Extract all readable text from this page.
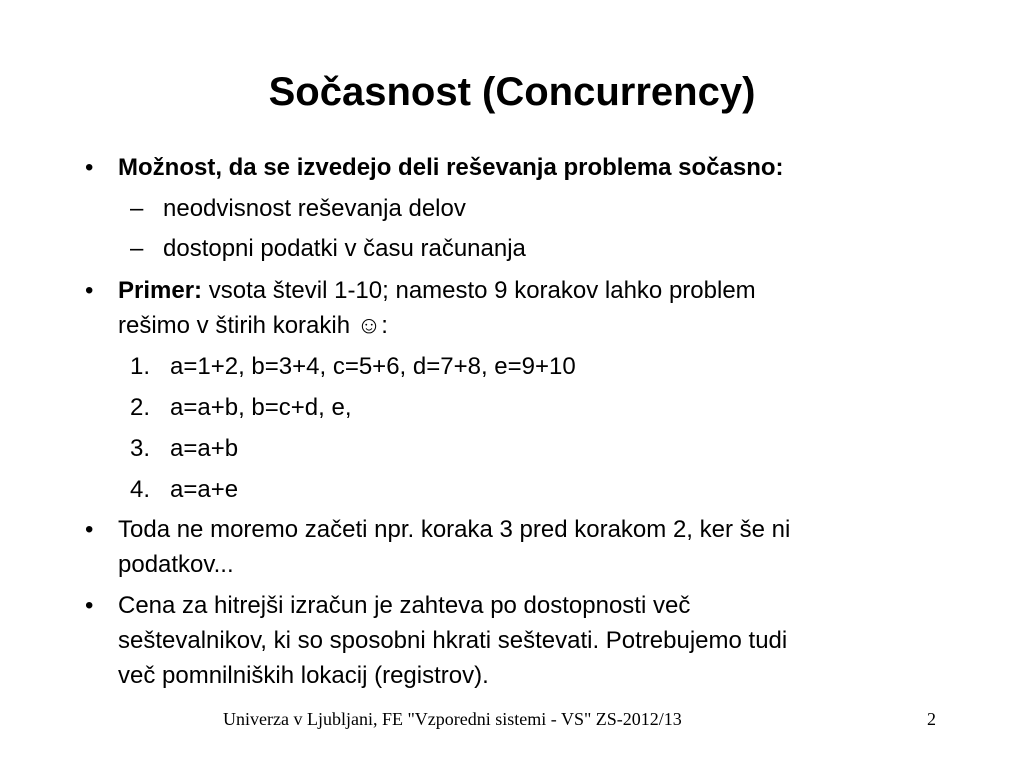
Sočasnost (Concurrency)
• Možnost, da se izvedejo deli reševanja problema sočasno:
– neodvisnost reševanja delov
– dostopni podatki v času računanja
• Primer: vsota števil 1-10; namesto 9 korakov lahko problem
rešimo v štirih korakih ☺:
1. a=1+2, b=3+4, c=5+6, d=7+8, e=9+10
2. a=a+b, b=c+d, e,
3. a=a+b
4. a=a+e
• Toda ne moremo začeti npr. koraka 3 pred korakom 2, ker še ni
podatkov...
• Cena za hitrejši izračun je zahteva po dostopnosti več
seštevalnikov, ki so sposobni hkrati seštevati. Potrebujemo tudi
več pomnilniških lokacij (registrov).
Univerza v Ljubljani, FE "Vzporedni sistemi - VS" ZS-2012/13	2
